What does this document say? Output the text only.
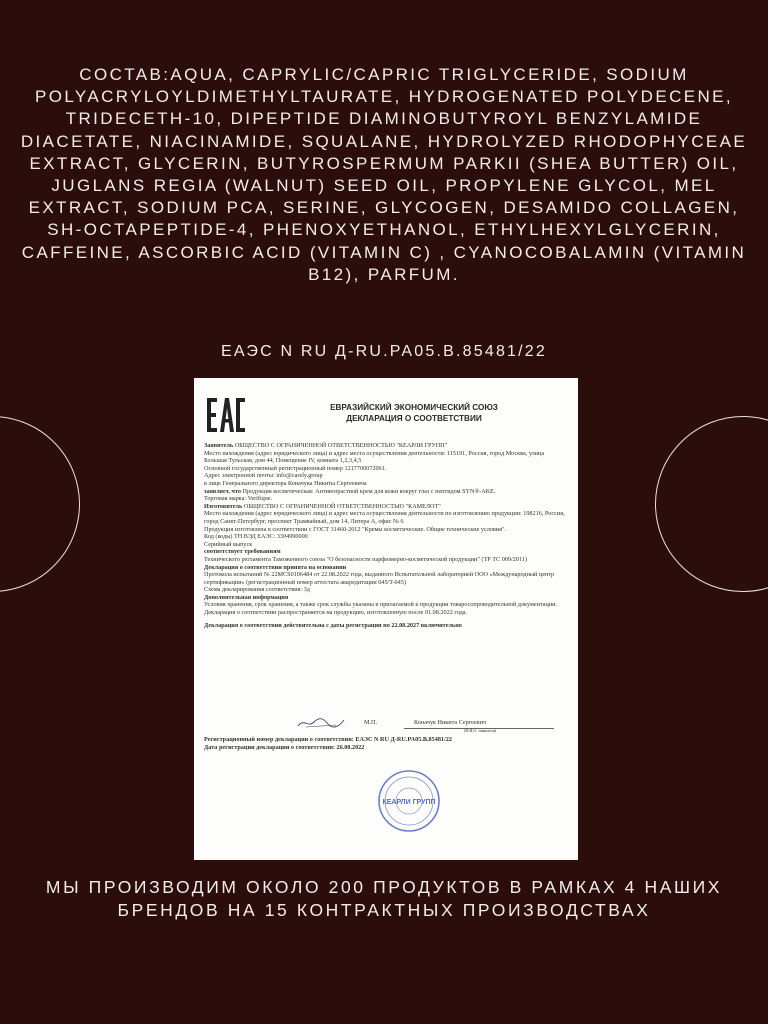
COCTAB:AQUA, CAPRYLIC/CAPRIC TRIGLYCERIDE, SODIUM POLYACRYLOYLDIMETHYLTAURATE, HYDROGENATED POLYDECENE, TRIDECETH-10, DIPEPTIDE DIAMINOBUTYROYL BENZYLAMIDE DIACETATE, NIACINAMIDE, SQUALANE, HYDROLYZED RHODOPHYCEAE EXTRACT, GLYCERIN, BUTYROSPERMUM PARKII (SHEA BUTTER) OIL, JUGLANS REGIA (WALNUT) SEED OIL, PROPYLENE GLYCOL, MEL EXTRACT, SODIUM PCA, SERINE, GLYCOGEN, DESAMIDO COLLAGEN, SH-OCTAPEPTIDE-4, PHENOXYETHANOL, ETHYLHEXYLGLYCERIN, CAFFEINE, ASCORBIC ACID (VITAMIN C) , CYANOCOBALAMIN (VITAMIN B12), PARFUM.
ЕАЭС N RU Д-RU.PA05.B.85481/22
ЕВРАЗИЙСКИЙ ЭКОНОМИЧЕСКИЙ СОЮЗ
ДЕКЛАРАЦИЯ О СООТВЕТСТВИИ

Заявитель ОБЩЕСТВО С ОГРАНИЧЕННОЙ ОТВЕТСТВЕННОСТЬЮ "КЕАРЛИ ГРУПП"

Место нахождения (адрес юридического лица) и адрес места осуществления деятельности: 115191, Россия, город Москва, улица Большая Тульская, дом 44, Помещение IV, комната 1,2,3,4,5

Основной государственный регистрационный номер 1217700072061.

Адрес электронной почты: info@carely.group

в лице Генерального директора Коначука Никиты Сергеевича

заявляет, что Продукция косметическая: Антивозрастной крем для кожи вокруг глаз с пептидом SYN®-AKE.

Торговая марка: Verifique.

Изготовитель ОБЩЕСТВО С ОГРАНИЧЕННОЙ ОТВЕТСТВЕННОСТЬЮ "КАМЕЛОТ"

Место нахождения (адрес юридического лица) и адрес места осуществления деятельности по изготовлению продукции: 198216, Россия, город Санкт-Петербург, проспект Трамвайный, дом 14, Литера А, офис № 6

Продукция изготовлена в соответствии с ГОСТ 31460-2012 "Кремы косметические. Общие технические условия".

Код (коды) ТН ВЭД ЕАЭС: 3304990000

Серийный выпуск

соответствует требованиям

Технического регламента Таможенного союза "О безопасности парфюмерно-косметической продукции" (ТР ТС 009/2011)

Декларация о соответствии принята на основании

Протокола испытаний № 22MCS0106484 от 22.08.2022 года, выданного Испытательной лабораторией ООО «Международный центр сертификации» (регистрационный номер аттестата аккредитации 045/T-045)

Схема декларирования соответствия: 3д

Дополнительная информация

Условия хранения, срок хранения, а также срок службы указаны в прилагаемой к продукции товаросопроводительной документации. Декларация о соответствии распространяется на продукцию, изготовленную после 01.08.2022 года.

Декларация о соответствии действительна с даты регистрации по 22.08.2027 включительно

М.П.	Коначук Никита Сергеевич
(Ф.И.О. заявителя)
Регистрационный номер декларации о соответствии: ЕАЭС N RU Д-RU.PA05.B.85481/22
Дата регистрации декларации о соответствии: 26.08.2022
КЕАРЛИ ГРУПП
МЫ ПРОИЗВОДИМ ОКОЛО 200 ПРОДУКТОВ В РАМКАХ 4 НАШИХ БРЕНДОВ НА 15 КОНТРАКТНЫХ ПРОИЗВОДСТВАХ
